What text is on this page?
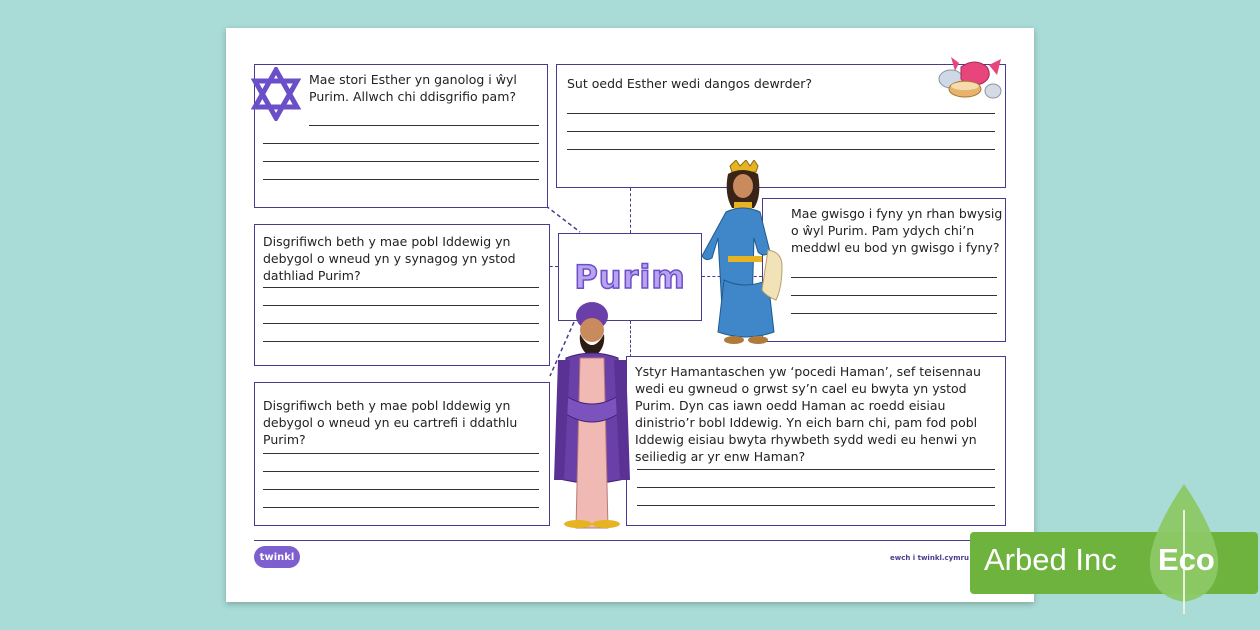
Mae stori Esther yn ganolog i ŵyl Purim. Allwch chi ddisgrifio pam?
Sut oedd Esther wedi dangos dewrder?
Disgrifiwch beth y mae pobl Iddewig yn debygol o wneud yn y synagog yn ystod dathliad Purim?	Purim
Mae gwisgo i fyny yn rhan bwysig o ŵyl Purim. Pam ydych chi’n meddwl eu bod yn gwisgo i fyny?
Disgrifiwch beth y mae pobl Iddewig yn debygol o wneud yn eu cartrefi i ddathlu Purim?
Ystyr Hamantaschen yw ‘pocedi Haman’, sef teisennau wedi eu gwneud o grwst sy’n cael eu bwyta yn ystod Purim. Dyn cas iawn oedd Haman ac roedd eisiau dinistrio’r bobl Iddewig. Yn eich barn chi, pam fod pobl Iddewig eisiau bwyta rhywbeth sydd wedi eu henwi yn seiliedig ar yr enw Haman?
twinkl	ewch i twinkl.cymru Arbed Inc Eco
